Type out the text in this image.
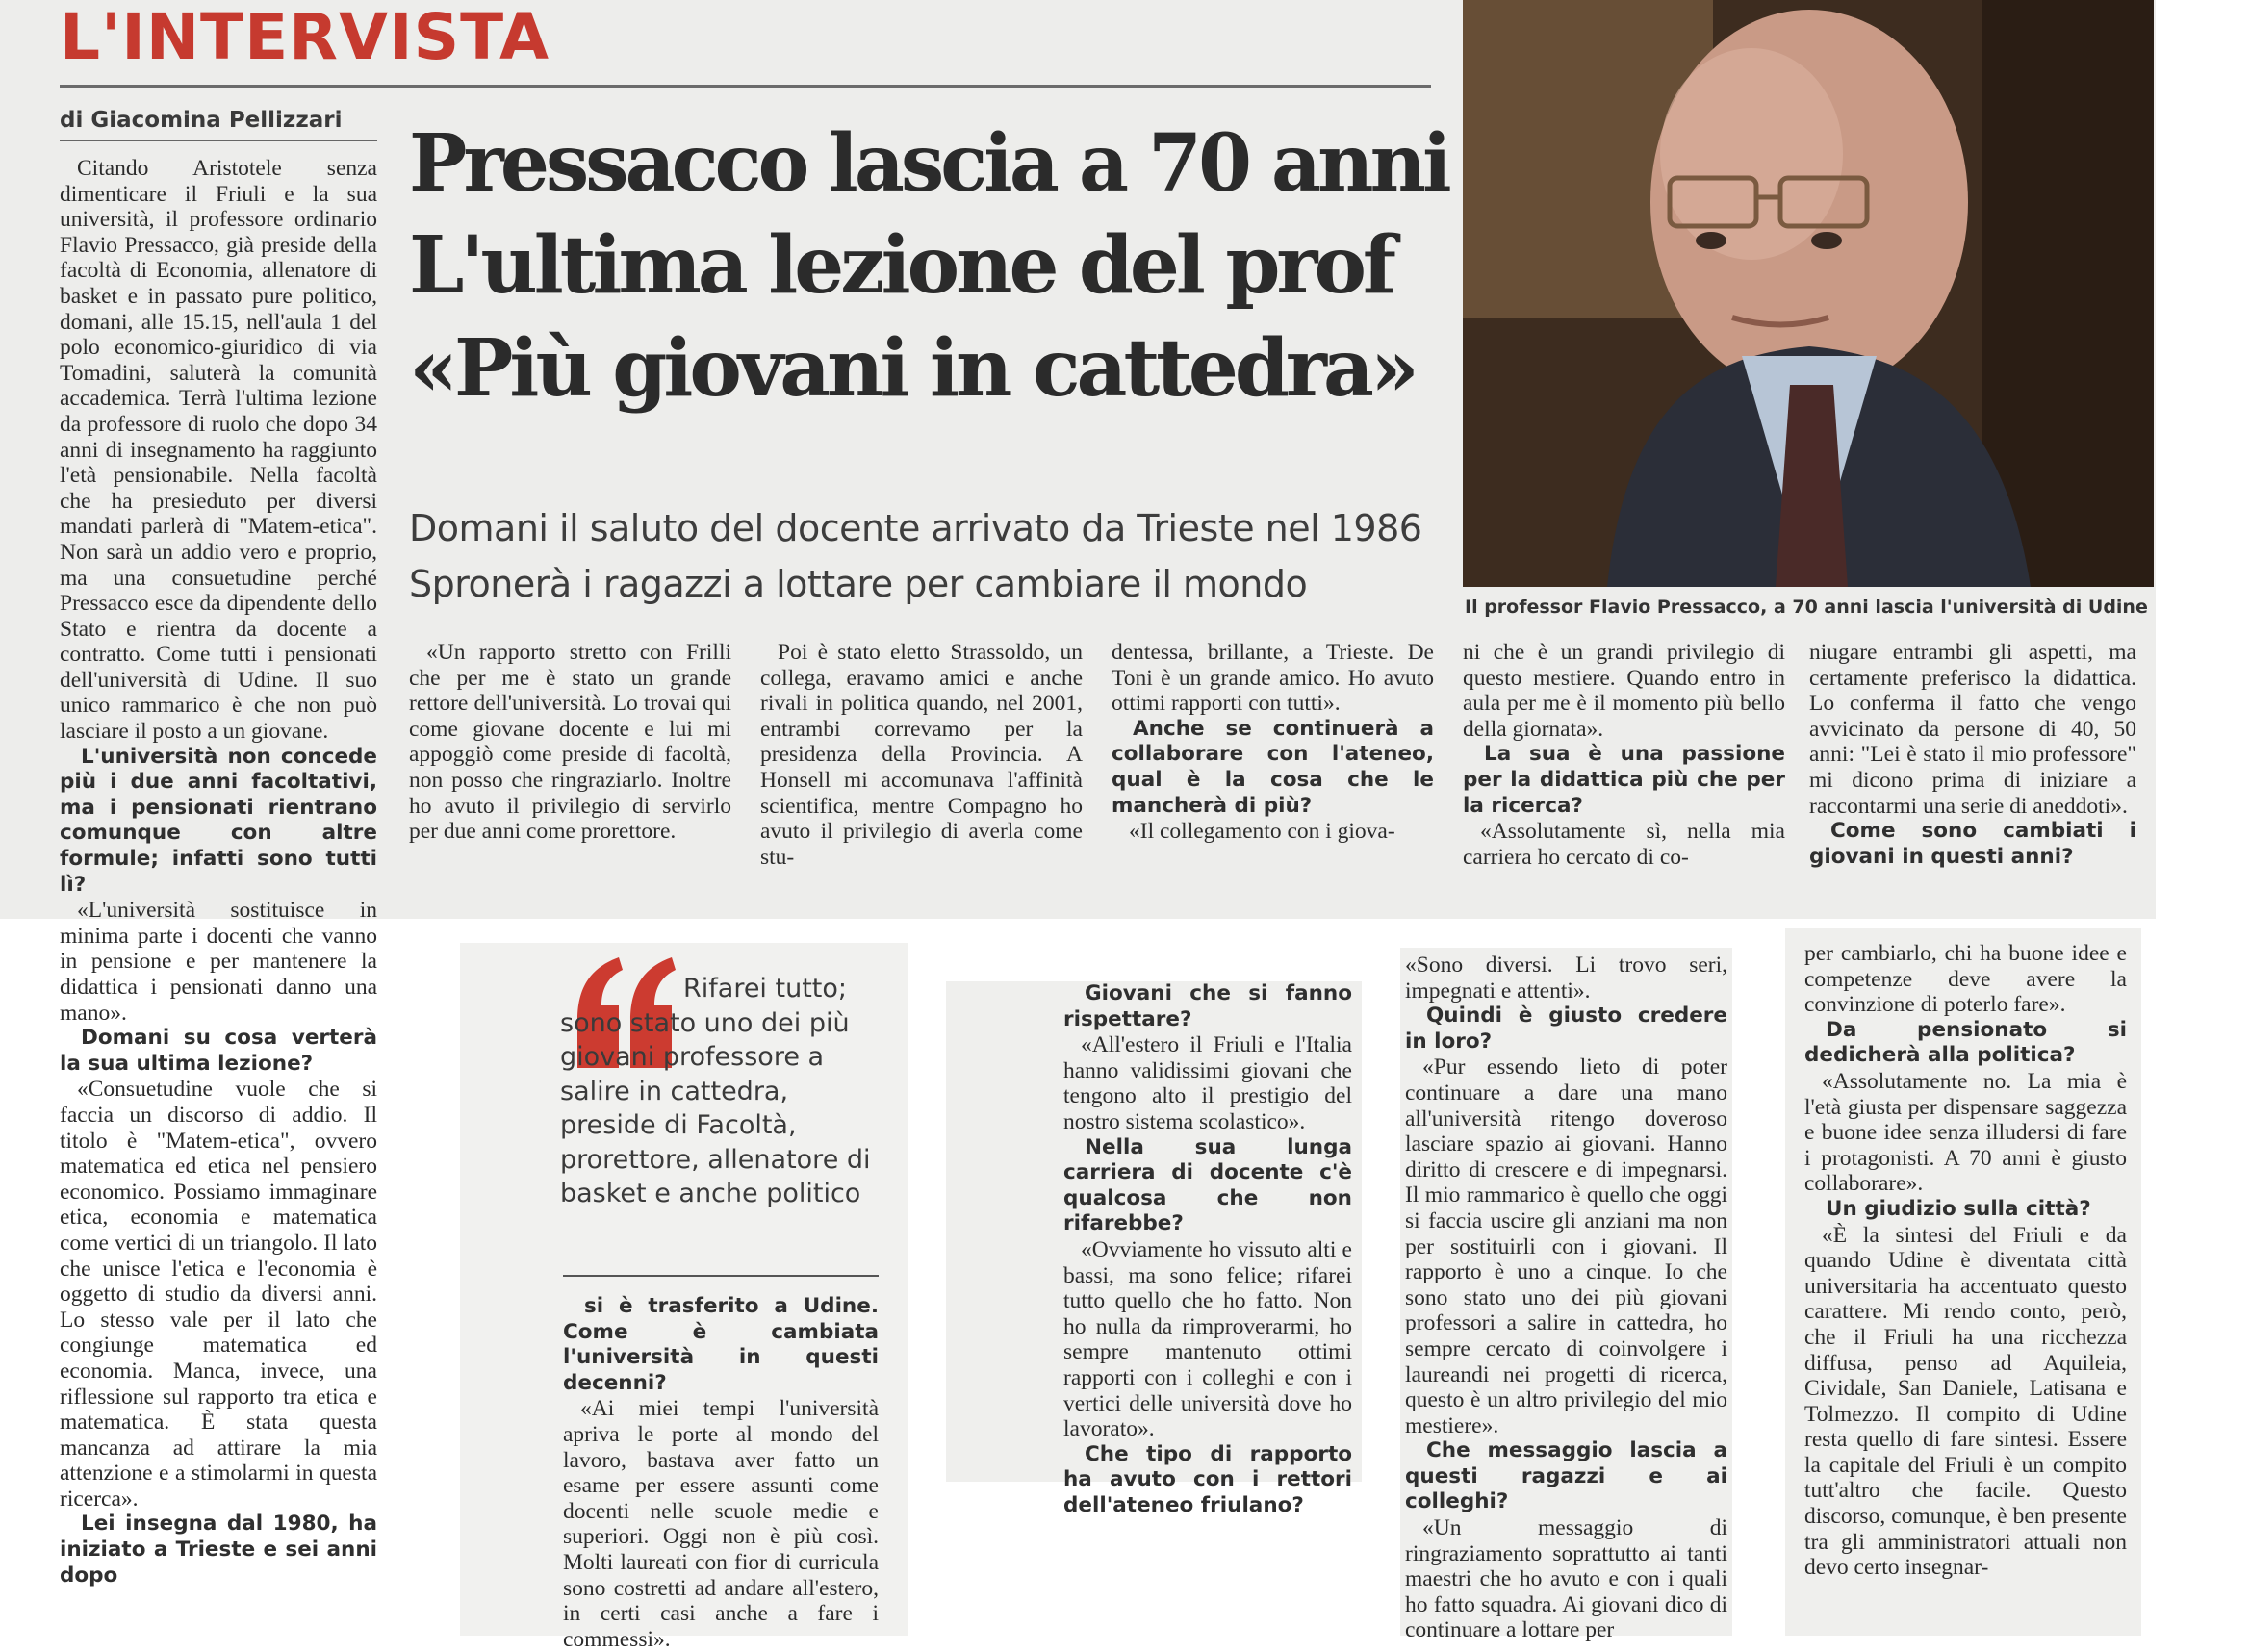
L'INTERVISTA
di Giacomina Pellizzari Pressacco lascia a 70 anni
L'ultima lezione del prof
«Più giovani in cattedra»
Domani il saluto del docente arrivato da Trieste nel 1986
Spronerà i ragazzi a lottare per cambiare il mondo
Il professor Flavio Pressacco, a 70 anni lascia l'università di Udine

Citando Aristotele senza dimenticare il Friuli e la sua università, il professore ordinario Flavio Pressacco, già preside della facoltà di Economia, allenatore di basket e in passato pure politico, domani, alle 15.15, nell'aula 1 del polo economico-giuridico di via Tomadini, saluterà la comunità accademica. Terrà l'ultima lezione da professore di ruolo che dopo 34 anni di insegnamento ha raggiunto l'età pensionabile. Nella facoltà che ha presieduto per diversi mandati parlerà di "Matem-etica". Non sarà un addio vero e proprio, ma una consuetudine perché Pressacco esce da dipendente dello Stato e rientra da docente a contratto. Come tutti i pensionati dell'università di Udine. Il suo unico rammarico è che non può lasciare il posto a un giovane.

L'università non concede più i due anni facoltativi, ma i pensionati rientrano comunque con altre formule; infatti sono tutti lì?

«L'università sostituisce in minima parte i docenti che vanno in pensione e per mantenere la didattica i pensionati danno una mano».

Domani su cosa verterà la sua ultima lezione?

«Consuetudine vuole che si faccia un discorso di addio. Il titolo è "Matem-etica", ovvero matematica ed etica nel pensiero economico. Possiamo immaginare etica, economia e matematica come vertici di un triangolo. Il lato che unisce l'etica e l'economia è oggetto di studio da diversi anni. Lo stesso vale per il lato che congiunge matematica ed economia. Manca, invece, una riflessione sul rapporto tra etica e matematica. È stata questa mancanza ad attirare la mia attenzione e a stimolarmi in questa ricerca».

Lei insegna dal 1980, ha iniziato a Trieste e sei anni dopo

«Un rapporto stretto con Frilli che per me è stato un grande rettore dell'università. Lo trovai qui come giovane docente e lui mi appoggiò come preside di facoltà, non posso che ringraziarlo. Inoltre ho avuto il privilegio di servirlo per due anni come prorettore.

Poi è stato eletto Strassoldo, un collega, eravamo amici e anche rivali in politica quando, nel 2001, entrambi correvamo per la presidenza della Provincia. A Honsell mi accomunava l'affinità scientifica, mentre Compagno ho avuto il privilegio di averla come stu-

dentessa, brillante, a Trieste. De Toni è un grande amico. Ho avuto ottimi rapporti con tutti».

Anche se continuerà a collaborare con l'ateneo, qual è la cosa che le mancherà di più?

«Il collegamento con i giova-

ni che è un grandi privilegio di questo mestiere. Quando entro in aula per me è il momento più bello della giornata».

La sua è una passione per la didattica più che per la ricerca?

«Assolutamente sì, nella mia carriera ho cercato di co-

niugare entrambi gli aspetti, ma certamente preferisco la didattica. Lo conferma il fatto che vengo avvicinato da persone di 40, 50 anni: "Lei è stato il mio professore" mi dicono prima di iniziare a raccontarmi una serie di aneddoti».

Come sono cambiati i giovani in questi anni?

Rifarei tutto; sono stato uno dei più giovani professore a salire in cattedra, preside di Facoltà, prorettore, allenatore di basket e anche politico

si è trasferito a Udine. Come è cambiata l'università in questi decenni?

«Ai miei tempi l'università apriva le porte al mondo del lavoro, bastava aver fatto un esame per essere assunti come docenti nelle scuole medie e superiori. Oggi non è più così. Molti laureati con fior di curricula sono costretti ad andare all'estero, in certi casi anche a fare i commessi».

Giovani che si fanno rispettare?

«All'estero il Friuli e l'Italia hanno validissimi giovani che tengono alto il prestigio del nostro sistema scolastico».

Nella sua lunga carriera di docente c'è qualcosa che non rifarebbe?

«Ovviamente ho vissuto alti e bassi, ma sono felice; rifarei tutto quello che ho fatto. Non ho nulla da rimproverarmi, ho sempre mantenuto ottimi rapporti con i colleghi e con i vertici delle università dove ho lavorato».

Che tipo di rapporto ha avuto con i rettori dell'ateneo friulano?

«Sono diversi. Li trovo seri, impegnati e attenti».

Quindi è giusto credere in loro?

«Pur essendo lieto di poter continuare a dare una mano all'università ritengo doveroso lasciare spazio ai giovani. Hanno diritto di crescere e di impegnarsi. Il mio rammarico è quello che oggi si faccia uscire gli anziani ma non per sostituirli con i giovani. Il rapporto è uno a cinque. Io che sono stato uno dei più giovani professori a salire in cattedra, ho sempre cercato di coinvolgere i laureandi nei progetti di ricerca, questo è un altro privilegio del mio mestiere».

Che messaggio lascia a questi ragazzi e ai colleghi?

«Un messaggio di ringraziamento soprattutto ai tanti maestri che ho avuto e con i quali ho fatto squadra. Ai giovani dico di continuare a lottare per

per cambiarlo, chi ha buone idee e competenze deve avere la convinzione di poterlo fare».

Da pensionato si dedicherà alla politica?

«Assolutamente no. La mia è l'età giusta per dispensare saggezza e buone idee senza illudersi di fare i protagonisti. A 70 anni è giusto collaborare».

Un giudizio sulla città?

«È la sintesi del Friuli e da quando Udine è diventata città universitaria ha accentuato questo carattere. Mi rendo conto, però, che il Friuli ha una ricchezza diffusa, penso ad Aquileia, Cividale, San Daniele, Latisana e Tolmezzo. Il compito di Udine resta quello di fare sintesi. Essere la capitale del Friuli è un compito tutt'altro che facile. Questo discorso, comunque, è ben presente tra gli amministratori attuali non devo certo insegnar-
